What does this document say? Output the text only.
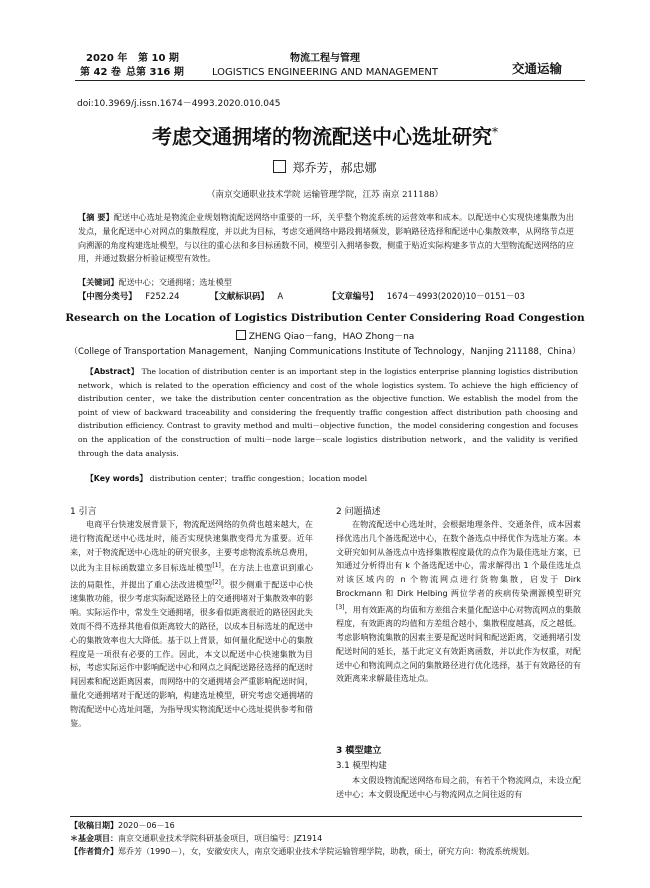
2020 年 第 10 期
第 42 卷 总第 316 期
物流工程与管理
LOGISTICS ENGINEERING AND MANAGEMENT	交通运输
doi:10.3969/j.issn.1674－4993.2020.010.045
考虑交通拥堵的物流配送中心选址研究*
郑乔芳，郝忠娜
（南京交通职业技术学院 运输管理学院，江苏 南京 211188）
【摘 要】配送中心选址是物流企业规划物流配送网络中重要的一环，关乎整个物流系统的运营效率和成本。以配送中心实现快速集散为出发点，量化配送中心对网点的集散程度，并以此为目标，考虑交通网络中路段拥堵频发，影响路径选择和配送中心集散效率，从网络节点逆向溯源的角度构建选址模型，与以往的重心法和多目标函数不同，模型引入拥堵参数，侧重于贴近实际构建多节点的大型物流配送网络的应用，并通过数据分析验证模型有效性。
【关键词】配送中心；交通拥堵；选址模型
【中图分类号】 F252.24	【文献标识码】 A	【文章编号】 1674－4993(2020)10－0151－03
Research on the Location of Logistics Distribution Center Considering Road Congestion
ZHENG Qiao－fang，HAO Zhong－na
（College of Transportation Management，Nanjing Communications Institute of Technology，Nanjing 211188，China）
【Abstract】 The location of distribution center is an important step in the logistics enterprise planning logistics distribution network，which is related to the operation efficiency and cost of the whole logistics system. To achieve the high efficiency of distribution center，we take the distribution center concentration as the objective function. We establish the model from the point of view of backward traceability and considering the frequently traffic congestion affect distribution path choosing and distribution efficiency. Contrast to gravity method and multi－objective function，the model considering congestion and focuses on the application of the construction of multi－node large－scale logistics distribution network，and the validity is verified through the data analysis.
【Key words】 distribution center；traffic congestion；location model
1 引言
电商平台快速发展背景下，物流配送网络的负荷也越来越大，在进行物流配送中心选址时，能否实现快速集散变得尤为重要。近年来，对于物流配送中心选址的研究很多，主要考虑物流系统总费用，以此为主目标函数建立多目标选址模型[1]。在方法上也意识到重心法的局限性，并提出了重心法改进模型[2]。很少侧重于配送中心快速集散功能，很少考虑实际配送路径上的交通拥堵对于集散效率的影响。实际运作中，常发生交通拥堵，很多看似距离很近的路径因此失效而不得不选择其他看似距离较大的路径，以成本目标选址的配送中心的集散效率也大大降低。基于以上背景，如何量化配送中心的集散程度是一项很有必要的工作。因此，本文以配送中心快速集散为目标，考虑实际运作中影响配送中心和网点之间配送路径选择的配送时间因素和配送距离因素，而网络中的交通拥堵会严重影响配送时间，量化交通拥堵对于配送的影响，构建选址模型，研究考虑交通拥堵的物流配送中心选址问题，为指导现实物流配送中心选址提供参考和借鉴。
2 问题描述
在物流配送中心选址时，会根据地理条件、交通条件，成本因素择优选出几个备选配送中心，在数个备选点中择优作为选址方案。本文研究如何从备选点中选择集散程度最优的点作为最佳选址方案，已知通过分析得出有 k 个备选配送中心，需求解得出 1 个最佳选址点对该区域内的 n 个物流网点进行货物集散，启发于 Dirk Brockmann 和 Dirk Helbing 两位学者的疾病传染溯源模型研究[3]，用有效距离的均值和方差组合来量化配送中心对物流网点的集散程度，有效距离的均值和方差组合越小，集散程度越高，反之越低。考虑影响物流集散的因素主要是配送时间和配送距离，交通拥堵引发配送时间的延长，基于此定义有效距离函数，并以此作为权重，对配送中心和物流网点之间的集散路径进行优化选择，基于有效路径的有效距离来求解最佳选址点。
3 模型建立
3.1 模型构建
本文假设物流配送网络布局之前，有若干个物流网点，未设立配送中心；本文假设配送中心与物流网点之间往返的有
【收稿日期】2020－06－16
＊基金项目：南京交通职业技术学院科研基金项目，项目编号：JZ1914
【作者简介】郑乔芳（1990－），女，安徽安庆人，南京交通职业技术学院运输管理学院，助教，硕士，研究方向：物流系统规划。
